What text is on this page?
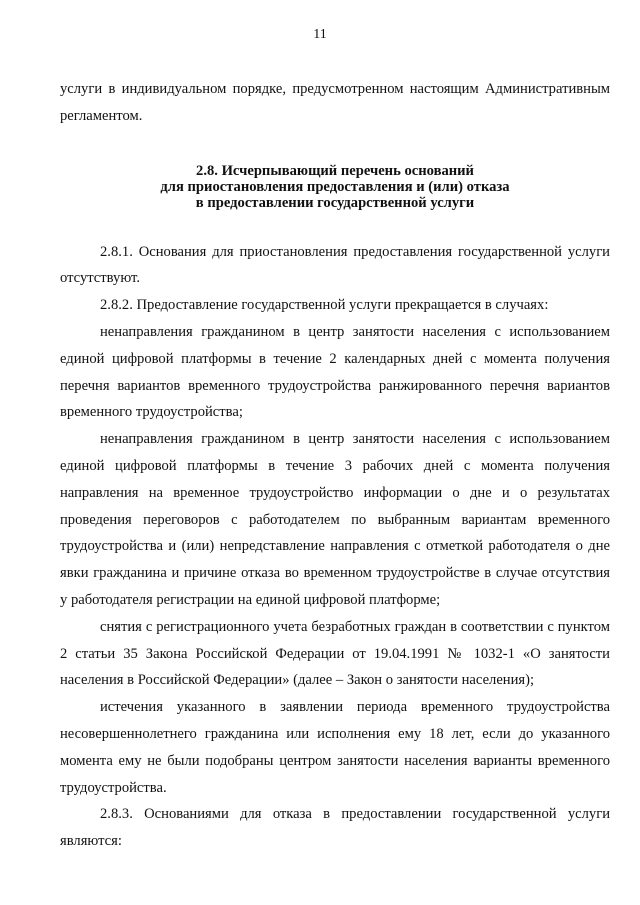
11

услуги в индивидуальном порядке, предусмотренном настоящим Административным регламентом.

2.8. Исчерпывающий перечень оснований
для приостановления предоставления и (или) отказа
в предоставлении государственной услуги

2.8.1. Основания для приостановления предоставления государственной услуги отсутствуют.

2.8.2. Предоставление государственной услуги прекращается в случаях:

ненаправления гражданином в центр занятости населения с использованием единой цифровой платформы в течение 2 календарных дней с момента получения перечня вариантов временного трудоустройства ранжированного перечня вариантов временного трудоустройства;

ненаправления гражданином в центр занятости населения с использованием единой цифровой платформы в течение 3 рабочих дней с момента получения направления на временное трудоустройство информации о дне и о результатах проведения переговоров с работодателем по выбранным вариантам временного трудоустройства и (или) непредставление направления с отметкой работодателя о дне явки гражданина и причине отказа во временном трудоустройстве в случае отсутствия у работодателя регистрации на единой цифровой платформе;

снятия с регистрационного учета безработных граждан в соответствии с пунктом 2 статьи 35 Закона Российской Федерации от 19.04.1991 № 1032-1 «О занятости населения в Российской Федерации» (далее – Закон о занятости населения);

истечения указанного в заявлении периода временного трудоустройства несовершеннолетнего гражданина или исполнения ему 18 лет, если до указанного момента ему не были подобраны центром занятости населения варианты временного трудоустройства.

2.8.3. Основаниями для отказа в предоставлении государственной услуги являются:
